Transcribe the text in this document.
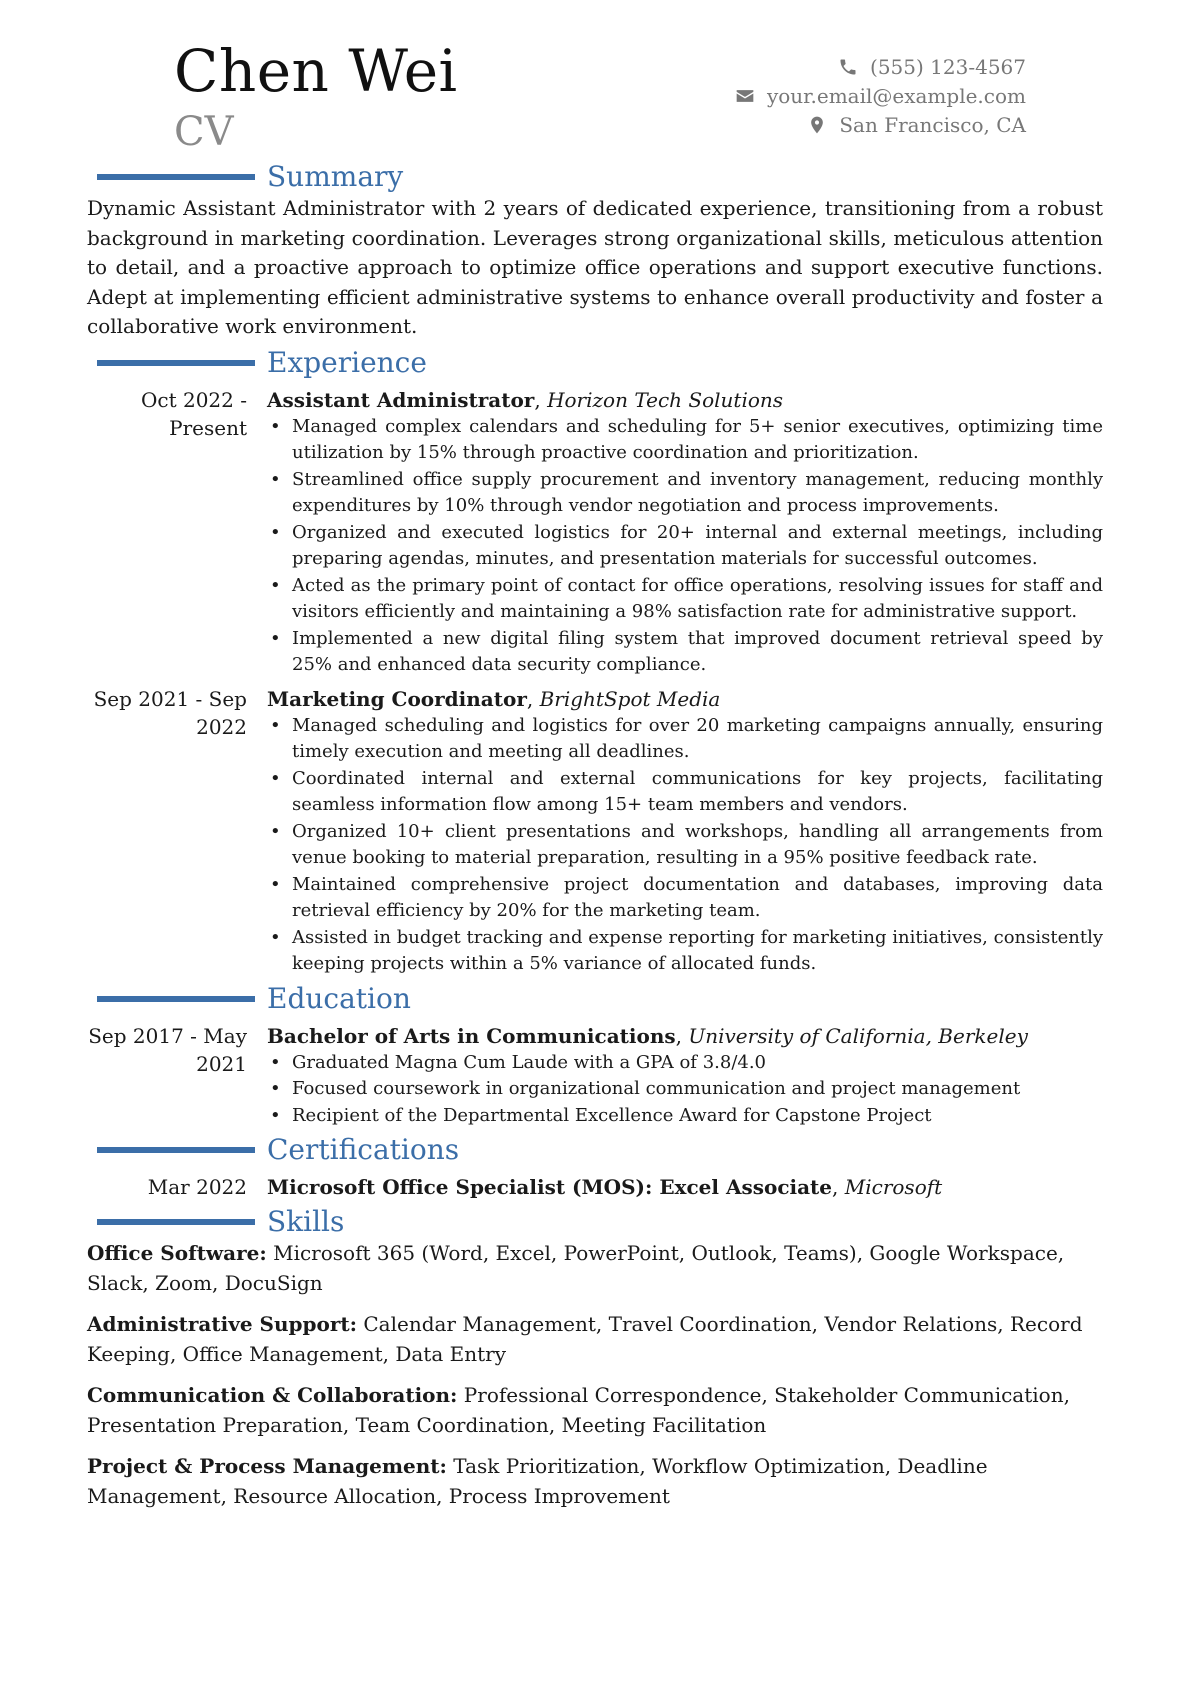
Chen Wei
CV
(555) 123-4567
your.email@example.com
San Francisco, CA
Summary

Dynamic Assistant Administrator with 2 years of dedicated experience, transitioning from a robust background in marketing coordination. Leverages strong organizational skills, meticulous attention to detail, and a proactive approach to optimize office operations and support executive functions. Adept at implementing efficient administrative systems to enhance overall productivity and foster a collaborative work environment.

Experience
Oct 2022 - Present
Assistant Administrator, Horizon Tech Solutions
• Managed complex calendars and scheduling for 5+ senior executives, optimizing time utilization by 15% through proactive coordination and prioritization.
• Streamlined office supply procurement and inventory management, reducing monthly expenditures by 10% through vendor negotiation and process improvements.
• Organized and executed logistics for 20+ internal and external meetings, including preparing agendas, minutes, and presentation materials for successful outcomes.
• Acted as the primary point of contact for office operations, resolving issues for staff and visitors efficiently and maintaining a 98% satisfaction rate for administrative support.
• Implemented a new digital filing system that improved document retrieval speed by 25% and enhanced data security compliance.
Sep 2021 - Sep 2022
Marketing Coordinator, BrightSpot Media
• Managed scheduling and logistics for over 20 marketing campaigns annually, ensuring timely execution and meeting all deadlines.
• Coordinated internal and external communications for key projects, facilitating seamless information flow among 15+ team members and vendors.
• Organized 10+ client presentations and workshops, handling all arrangements from venue booking to material preparation, resulting in a 95% positive feedback rate.
• Maintained comprehensive project documentation and databases, improving data retrieval efficiency by 20% for the marketing team.
• Assisted in budget tracking and expense reporting for marketing initiatives, consistently keeping projects within a 5% variance of allocated funds.
Education
Sep 2017 - May 2021
Bachelor of Arts in Communications, University of California, Berkeley
• Graduated Magna Cum Laude with a GPA of 3.8/4.0
• Focused coursework in organizational communication and project management
• Recipient of the Departmental Excellence Award for Capstone Project
Certifications
Mar 2022	Microsoft Office Specialist (MOS): Excel Associate, Microsoft
Skills

Office Software: Microsoft 365 (Word, Excel, PowerPoint, Outlook, Teams), Google Workspace, Slack, Zoom, DocuSign

Administrative Support: Calendar Management, Travel Coordination, Vendor Relations, Record Keeping, Office Management, Data Entry

Communication & Collaboration: Professional Correspondence, Stakeholder Communication, Presentation Preparation, Team Coordination, Meeting Facilitation

Project & Process Management: Task Prioritization, Workflow Optimization, Deadline Management, Resource Allocation, Process Improvement
